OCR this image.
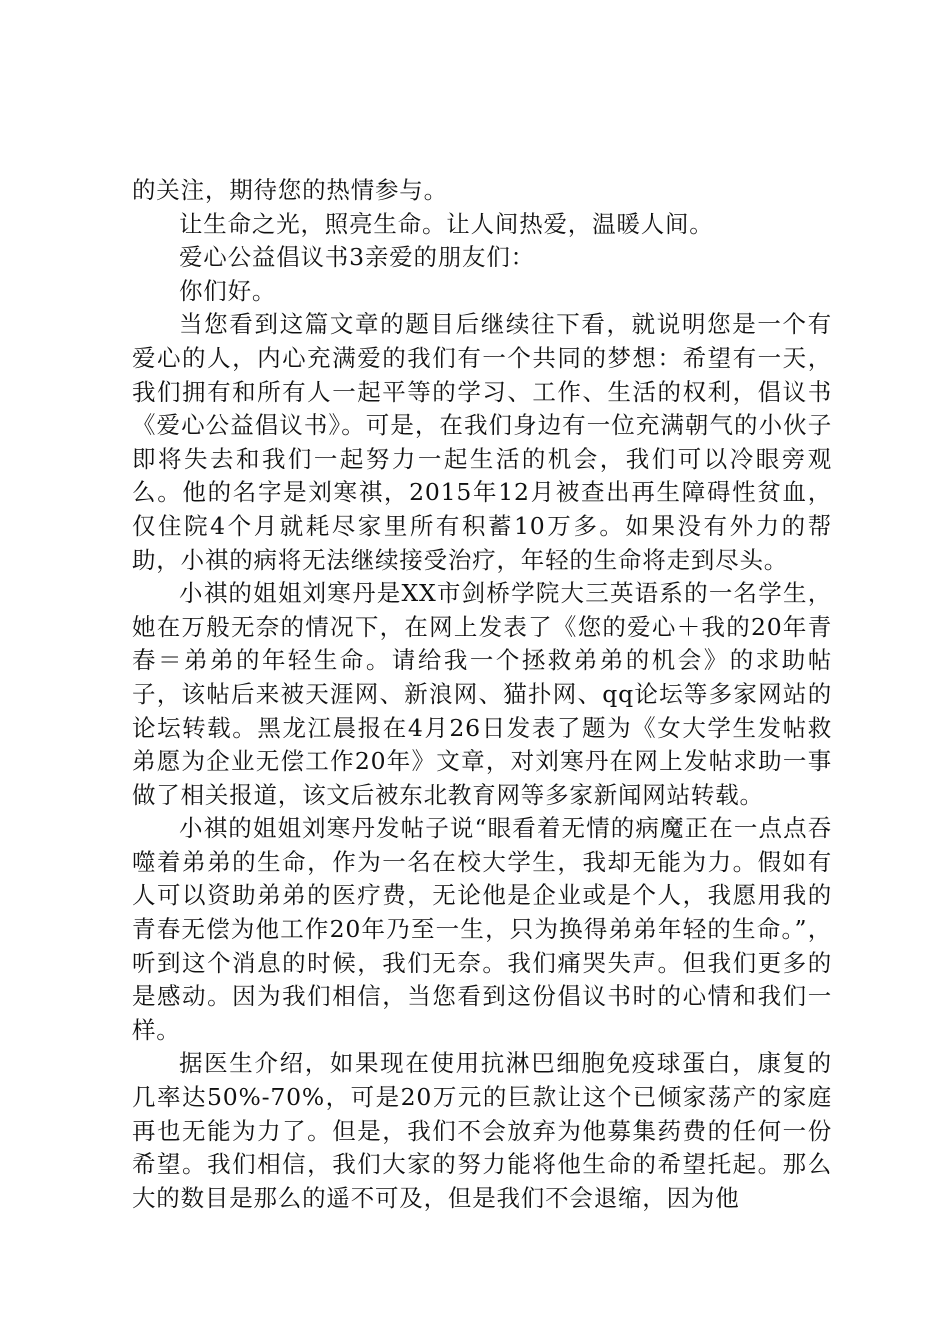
的关注，期待您的热情参与。

让生命之光，照亮生命。让人间热爱，温暖人间。

爱心公益倡议书3亲爱的朋友们：

你们好。

当您看到这篇文章的题目后继续往下看，就说明您是一个有爱心的人，内心充满爱的我们有一个共同的梦想：希望有一天，我们拥有和所有人一起平等的学习、工作、生活的权利，倡议书《爱心公益倡议书》。可是，在我们身边有一位充满朝气的小伙子即将失去和我们一起努力一起生活的机会，我们可以冷眼旁观么。他的名字是刘寒祺，2015年12月被查出再生障碍性贫血，仅住院4个月就耗尽家里所有积蓄10万多。如果没有外力的帮助，小祺的病将无法继续接受治疗，年轻的生命将走到尽头。

小祺的姐姐刘寒丹是XX市剑桥学院大三英语系的一名学生，她在万般无奈的情况下，在网上发表了《您的爱心＋我的20年青春＝弟弟的年轻生命。请给我一个拯救弟弟的机会》的求助帖子，该帖后来被天涯网、新浪网、猫扑网、qq论坛等多家网站的论坛转载。黑龙江晨报在4月26日发表了题为《女大学生发帖救弟愿为企业无偿工作20年》文章，对刘寒丹在网上发帖求助一事做了相关报道，该文后被东北教育网等多家新闻网站转载。

小祺的姐姐刘寒丹发帖子说“眼看着无情的病魔正在一点点吞噬着弟弟的生命，作为一名在校大学生，我却无能为力。假如有人可以资助弟弟的医疗费，无论他是企业或是个人，我愿用我的青春无偿为他工作20年乃至一生，只为换得弟弟年轻的生命。”，听到这个消息的时候，我们无奈。我们痛哭失声。但我们更多的是感动。因为我们相信，当您看到这份倡议书时的心情和我们一样。

据医生介绍，如果现在使用抗淋巴细胞免疫球蛋白，康复的几率达50%-70%，可是20万元的巨款让这个已倾家荡产的家庭再也无能为力了。但是，我们不会放弃为他募集药费的任何一份希望。我们相信，我们大家的努力能将他生命的希望托起。那么大的数目是那么的遥不可及，但是我们不会退缩，因为他
